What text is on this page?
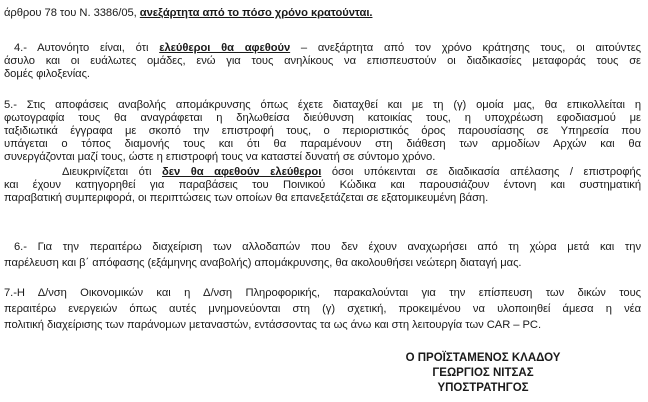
άρθρου 78 του Ν. 3386/05, ανεξάρτητα από το πόσο χρόνο κρατούνται.
4.- Αυτονόητο είναι, ότι ελεύθεροι θα αφεθούν – ανεξάρτητα από τον χρόνο κράτησης τους, οι αιτούντες
άσυλο και οι ευάλωτες ομάδες, ενώ για τους ανηλίκους να επισπευστούν οι διαδικασίες μεταφοράς τους σε
δομές φιλοξενίας.
5.- Στις αποφάσεις αναβολής απομάκρυνσης όπως έχετε διαταχθεί και με τη (γ) ομοία μας, θα επικολλείται η
φωτογραφία τους θα αναγράφεται η δηλωθείσα διεύθυνση κατοικίας τους, η υποχρέωση εφοδιασμού με
ταξιδιωτικά έγγραφα με σκοπό την επιστροφή τους, ο περιοριστικός όρος παρουσίασης σε Υπηρεσία που
υπάγεται ο τόπος διαμονής τους και ότι θα παραμένουν στη διάθεση των αρμοδίων Αρχών και θα
συνεργάζονται μαζί τους, ώστε η επιστροφή τους να καταστεί δυνατή σε σύντομο χρόνο.
Διευκρινίζεται ότι δεν θα αφεθούν ελεύθεροι όσοι υπόκεινται σε διαδικασία απέλασης / επιστροφής
και έχουν κατηγορηθεί για παραβάσεις του Ποινικού Κώδικα και παρουσιάζουν έντονη και συστηματική
παραβατική συμπεριφορά, οι περιπτώσεις των οποίων θα επανεξετάζεται σε εξατομικευμένη βάση.
6.- Για την περαιτέρω διαχείριση των αλλοδαπών που δεν έχουν αναχωρήσει από τη χώρα μετά και την
παρέλευση και β΄ απόφασης (εξάμηνης αναβολής) απομάκρυνσης, θα ακολουθήσει νεώτερη διαταγή μας.
7.-Η Δ/νση Οικονομικών και η Δ/νση Πληροφορικής, παρακαλούνται για την επίσπευση των δικών τους
περαιτέρω ενεργειών όπως αυτές μνημονεύονται στη (γ) σχετική, προκειμένου να υλοποιηθεί άμεσα η νέα
πολιτική διαχείρισης των παράνομων μεταναστών, εντάσσοντας τα ως άνω και στη λειτουργία των CAR – PC.
Ο ΠΡΟΪΣΤΑΜΕΝΟΣ ΚΛΑΔΟΥ
ΓΕΩΡΓΙΟΣ ΝΙΤΣΑΣ
ΥΠΟΣΤΡΑΤΗΓΟΣ
